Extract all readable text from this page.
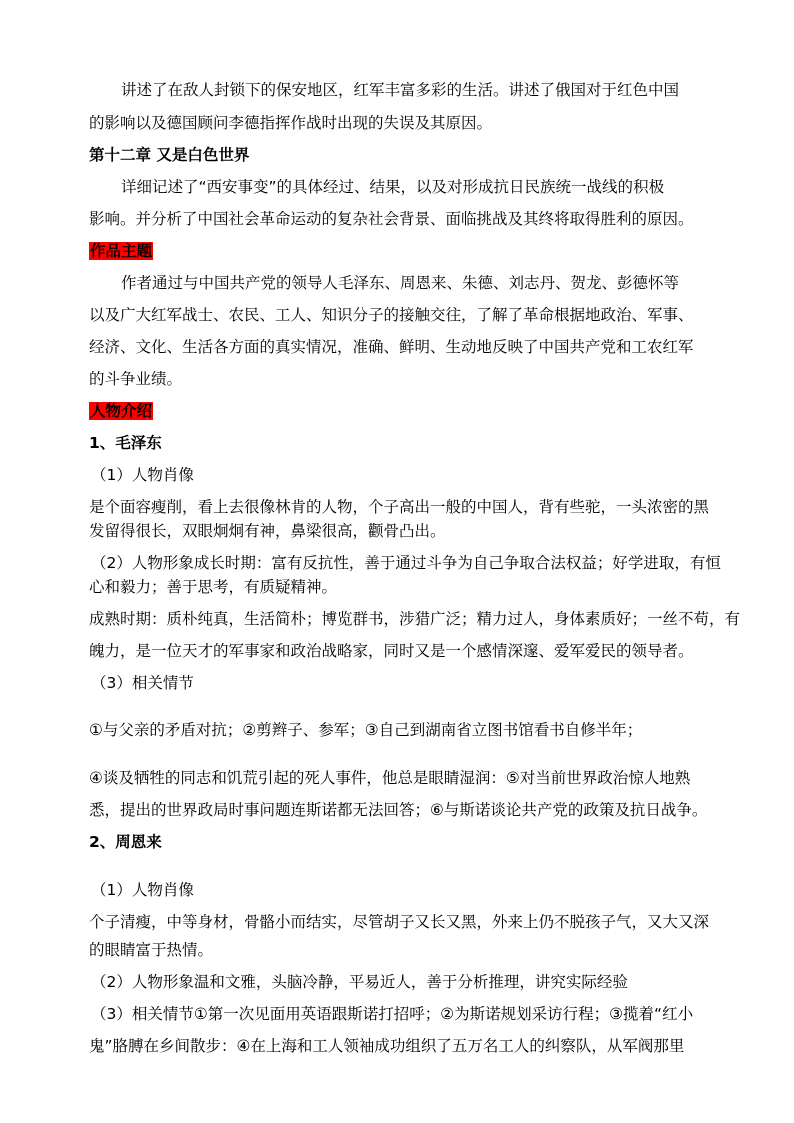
讲述了在敌人封锁下的保安地区，红军丰富多彩的生活。讲述了俄国对于红色中国
的影响以及德国顾问李德指挥作战时出现的失误及其原因。
第十二章 又是白色世界
详细记述了“西安事变”的具体经过、结果，以及对形成抗日民族统一战线的积极
影响。并分析了中国社会革命运动的复杂社会背景、面临挑战及其终将取得胜利的原因。
作品主题
作者通过与中国共产党的领导人毛泽东、周恩来、朱德、刘志丹、贺龙、彭德怀等
以及广大红军战士、农民、工人、知识分子的接触交往，了解了革命根据地政治、军事、
经济、文化、生活各方面的真实情况，准确、鲜明、生动地反映了中国共产党和工农红军
的斗争业绩。
人物介绍
1、毛泽东
（1）人物肖像
是个面容瘦削，看上去很像林肯的人物，个子高出一般的中国人，背有些驼，一头浓密的黑
发留得很长，双眼炯炯有神，鼻梁很高，颧骨凸出。
（2）人物形象成长时期：富有反抗性，善于通过斗争为自己争取合法权益；好学进取，有恒
心和毅力；善于思考，有质疑精神。
成熟时期：质朴纯真，生活简朴；博览群书，涉猎广泛；精力过人，身体素质好；一丝不苟，有
魄力，是一位天才的军事家和政治战略家，同时又是一个感情深邃、爱军爱民的领导者。
（3）相关情节
①与父亲的矛盾对抗；②剪辫子、参军；③自己到湖南省立图书馆看书自修半年；
④谈及牺牲的同志和饥荒引起的死人事件，他总是眼睛湿润：⑤对当前世界政治惊人地熟
悉，提出的世界政局时事问题连斯诺都无法回答；⑥与斯诺谈论共产党的政策及抗日战争。
2、周恩来
（1）人物肖像
个子清瘦，中等身材，骨骼小而结实，尽管胡子又长又黑，外来上仍不脱孩子气，又大又深
的眼睛富于热情。
（2）人物形象温和文雅，头脑冷静，平易近人，善于分析推理，讲究实际经验
（3）相关情节①第一次见面用英语跟斯诺打招呼；②为斯诺规划采访行程；③揽着“红小
鬼”胳膊在乡间散步：④在上海和工人领袖成功组织了五万名工人的纠察队，从军阀那里
